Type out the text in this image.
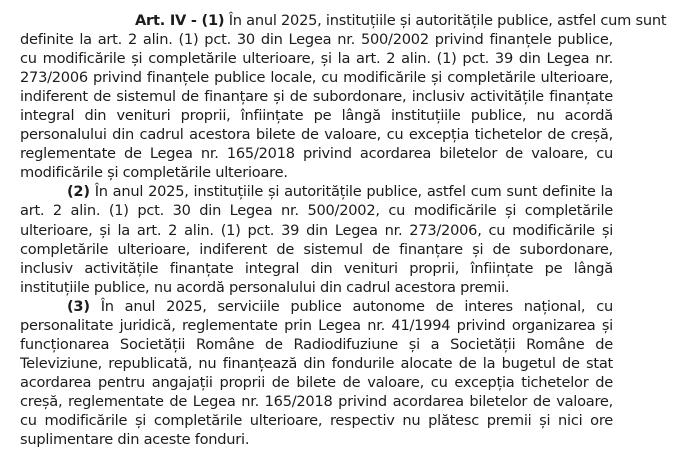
Art. IV - (1) În anul 2025, instituțiile și autoritățile publice, astfel cum sunt
definite la art. 2 alin. (1) pct. 30 din Legea nr. 500/2002 privind finanțele publice,
cu modificările și completările ulterioare, și la art. 2 alin. (1) pct. 39 din Legea nr.
273/2006 privind finanțele publice locale, cu modificările și completările ulterioare,
indiferent de sistemul de finanțare și de subordonare, inclusiv activitățile finanțate
integral din venituri proprii, înființate pe lângă instituțiile publice, nu acordă
personalului din cadrul acestora bilete de valoare, cu excepția tichetelor de creșă,
reglementate de Legea nr. 165/2018 privind acordarea biletelor de valoare, cu
modificările și completările ulterioare.
(2) În anul 2025, instituțiile și autoritățile publice, astfel cum sunt definite la
art. 2 alin. (1) pct. 30 din Legea nr. 500/2002, cu modificările și completările
ulterioare, și la art. 2 alin. (1) pct. 39 din Legea nr. 273/2006, cu modificările și
completările ulterioare, indiferent de sistemul de finanțare și de subordonare,
inclusiv activitățile finanțate integral din venituri proprii, înființate pe lângă
instituțiile publice, nu acordă personalului din cadrul acestora premii.
(3) În anul 2025, serviciile publice autonome de interes național, cu
personalitate juridică, reglementate prin Legea nr. 41/1994 privind organizarea și
funcționarea Societății Române de Radiodifuziune și a Societății Române de
Televiziune, republicată, nu finanțează din fondurile alocate de la bugetul de stat
acordarea pentru angajații proprii de bilete de valoare, cu excepția tichetelor de
creșă, reglementate de Legea nr. 165/2018 privind acordarea biletelor de valoare,
cu modificările și completările ulterioare, respectiv nu plătesc premii și nici ore
suplimentare din aceste fonduri.
